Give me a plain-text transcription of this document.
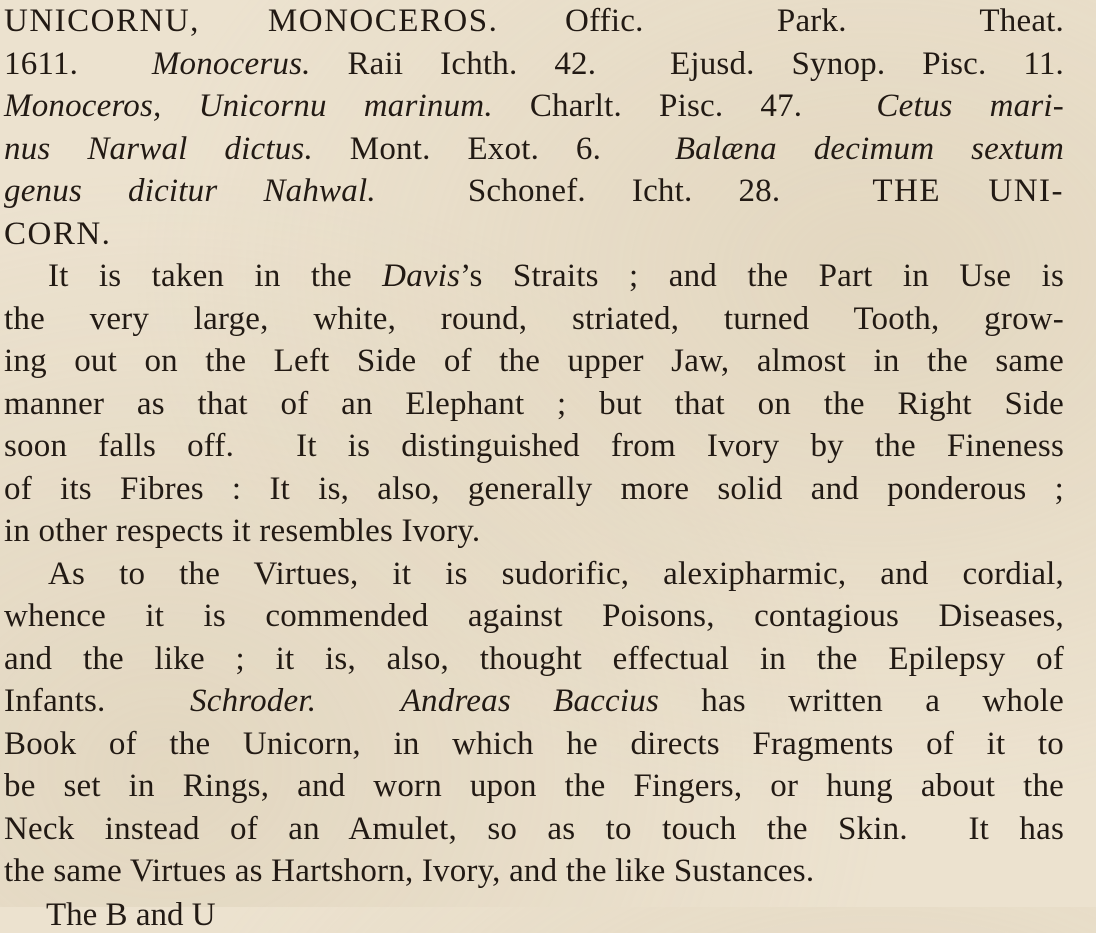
UNICORNU, MONOCEROS. Offic.  Park.  Theat.
1611.  Monocerus. Raii Ichth. 42.  Ejusd. Synop. Pisc. 11.
Monoceros, Unicornu marinum. Charlt. Pisc. 47.  Cetus mari-
nus Narwal dictus. Mont. Exot. 6.  Balæna decimum sextum
genus dicitur Nahwal.  Schonef. Icht. 28.  THE UNI-
CORN.
It is taken in the Davis’s Straits ; and the Part in Use is
the very large, white, round, striated, turned Tooth, grow-
ing out on the Left Side of the upper Jaw, almost in the same
manner as that of an Elephant ; but that on the Right Side
soon falls off.  It is distinguished from Ivory by the Fineness
of its Fibres : It is, also, generally more solid and ponderous ;
in other respects it resembles Ivory.
As to the Virtues, it is sudorific, alexipharmic, and cordial,
whence it is commended against Poisons, contagious Diseases,
and the like ; it is, also, thought effectual in the Epilepsy of
Infants.  Schroder.	Andreas Baccius has written a whole
Book of the Unicorn, in which he directs Fragments of it to
be set in Rings, and worn upon the Fingers, or hung about the
Neck instead of an Amulet, so as to touch the Skin.  It has
the same Virtues as Hartshorn, Ivory, and the like Sustances.
The B and U
